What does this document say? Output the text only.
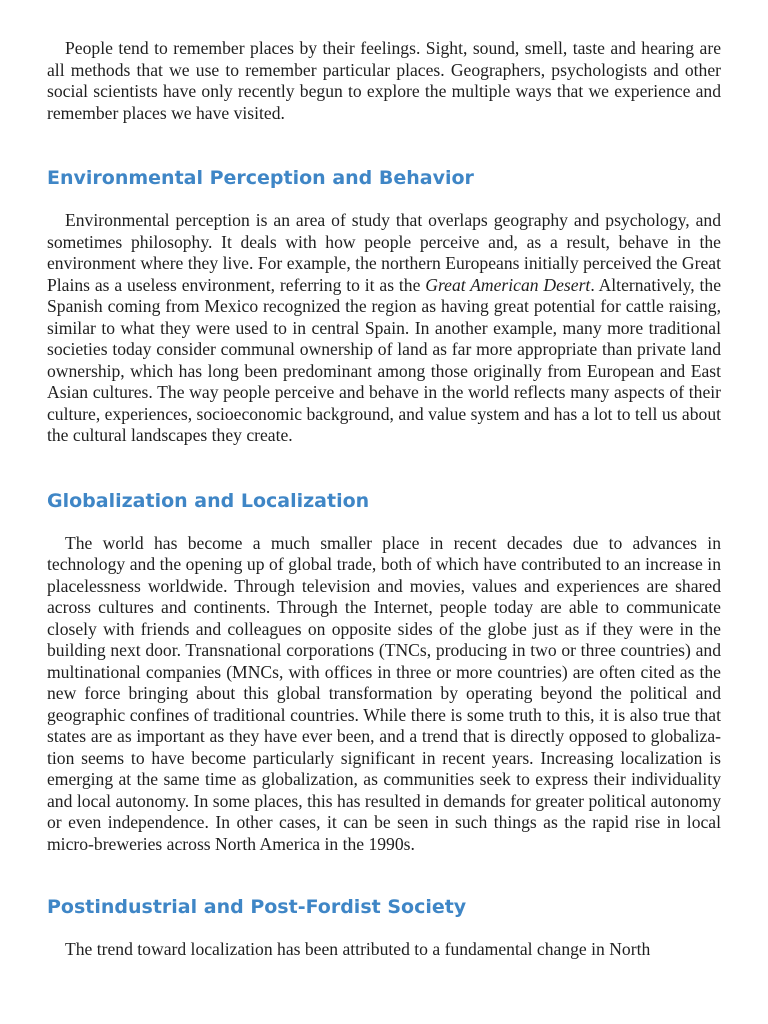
People tend to remember places by their feelings. Sight, sound, smell, taste and hearing are all methods that we use to remember particular places. Geographers, psychologists and other social scientists have only recently begun to explore the multiple ways that we experience and remember places we have visited.

Environmental Perception and Behavior

Environmental perception is an area of study that overlaps geography and psychology, and sometimes philosophy. It deals with how people perceive and, as a result, behave in the environment where they live. For example, the northern Europeans initially perceived the Great Plains as a useless environment, referring to it as the Great American Desert. Alternatively, the Spanish coming from Mexico recognized the region as having great potential for cattle raising, similar to what they were used to in central Spain. In another example, many more traditional societies today consider communal ownership of land as far more appropriate than private land ownership, which has long been predominant among those originally from European and East Asian cultures. The way people perceive and behave in the world reflects many aspects of their culture, experiences, socioeconomic background, and value system and has a lot to tell us about the cultural landscapes they create.

Globalization and Localization

The world has become a much smaller place in recent decades due to advances in technology and the opening up of global trade, both of which have contributed to an increase in placelessness worldwide. Through television and movies, values and experiences are shared across cultures and continents. Through the Internet, people today are able to communicate closely with friends and colleagues on opposite sides of the globe just as if they were in the building next door. Transnational corporations (TNCs, producing in two or three countries) and multinational companies (MNCs, with offices in three or more countries) are often cited as the new force bringing about this global transformation by operating beyond the political and geographic confines of traditional countries. While there is some truth to this, it is also true that states are as important as they have ever been, and a trend that is directly opposed to globalization seems to have become particularly significant in recent years. Increasing localization is emerging at the same time as globalization, as communities seek to express their individuality and local autonomy. In some places, this has resulted in demands for greater political autonomy or even independence. In other cases, it can be seen in such things as the rapid rise in local micro-breweries across North America in the 1990s.

Postindustrial and Post-Fordist Society

The trend toward localization has been attributed to a fundamental change in North
